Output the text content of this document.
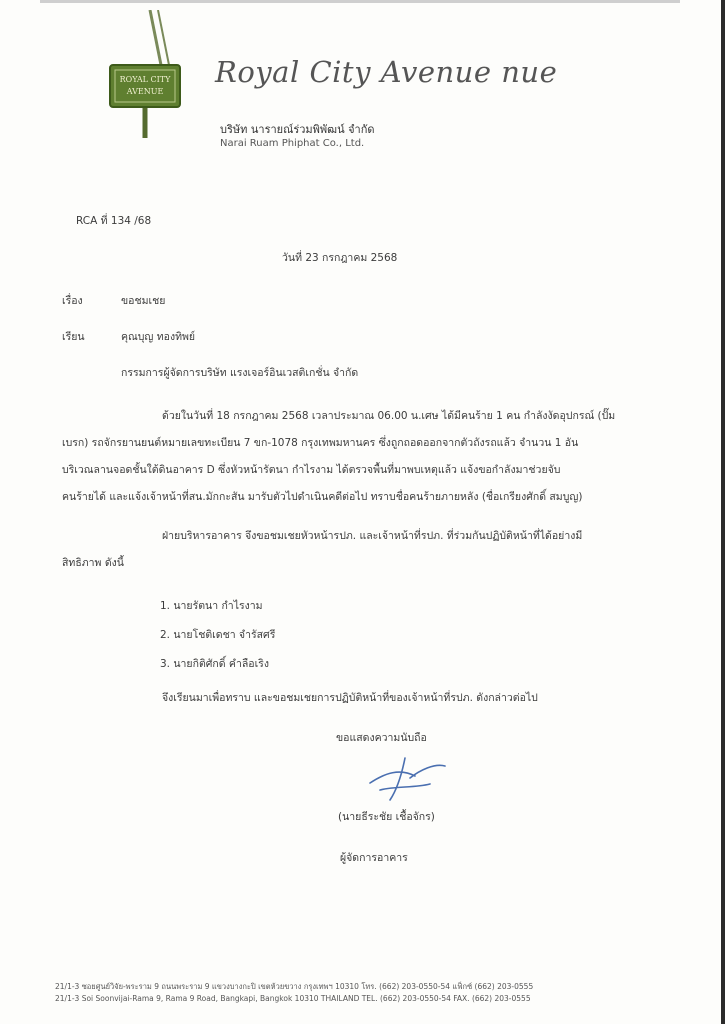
ROYAL CITY
AVENUE
Royal City Avenue nue
บริษัท นารายณ์ร่วมพิพัฒน์ จำกัด
Narai Ruam Phiphat Co., Ltd.
RCA ที่ 134 /68
วันที่ 23 กรกฎาคม 2568
เรื่อง	ขอชมเชย
เรียน	คุณบุญ ทองทิพย์
กรรมการผู้จัดการบริษัท แรงเจอร์อินเวสติเกชั่น จำกัด
ด้วยในวันที่ 18 กรกฎาคม 2568 เวลาประมาณ 06.00 น.เศษ ได้มีคนร้าย 1 คน กำลังงัดอุปกรณ์ (ปั๊ม
เบรก) รถจักรยานยนต์หมายเลขทะเบียน 7 ขก-1078 กรุงเทพมหานคร ซึ่งถูกถอดออกจากตัวถังรถแล้ว จำนวน 1 อัน
บริเวณลานจอดชั้นใต้ดินอาคาร D ซึ่งหัวหน้ารัตนา กำไรงาม ได้ตรวจพื้นที่มาพบเหตุแล้ว แจ้งขอกำลังมาช่วยจับ
คนร้ายได้ และแจ้งเจ้าหน้าที่สน.มักกะสัน มารับตัวไปดำเนินคดีต่อไป ทราบชื่อคนร้ายภายหลัง (ชื่อเกรียงศักดิ์ สมบูญ)
ฝ่ายบริหารอาคาร จึงขอชมเชยหัวหน้ารปภ. และเจ้าหน้าที่รปภ. ที่ร่วมกันปฏิบัติหน้าที่ได้อย่างมี
สิทธิภาพ ดังนี้
1. นายรัตนา กำไรงาม
2. นายโชติเดชา จำรัสศรี
3. นายกิติศักดิ์ คำลือเริง
จึงเรียนมาเพื่อทราบ และขอชมเชยการปฏิบัติหน้าที่ของเจ้าหน้าที่รปภ. ดังกล่าวต่อไป
ขอแสดงความนับถือ
(นายธีระชัย เชื้อจักร)
ผู้จัดการอาคาร
21/1-3 ซอยศูนย์วิจัย-พระราม 9 ถนนพระราม 9 แขวงบางกะปิ เขตห้วยขวาง กรุงเทพฯ 10310 โทร. (662) 203-0550-54 แฟ็กซ์ (662) 203-0555
21/1-3 Soi Soonvijai-Rama 9, Rama 9 Road, Bangkapi, Bangkok 10310 THAILAND TEL. (662) 203-0550-54 FAX. (662) 203-0555
